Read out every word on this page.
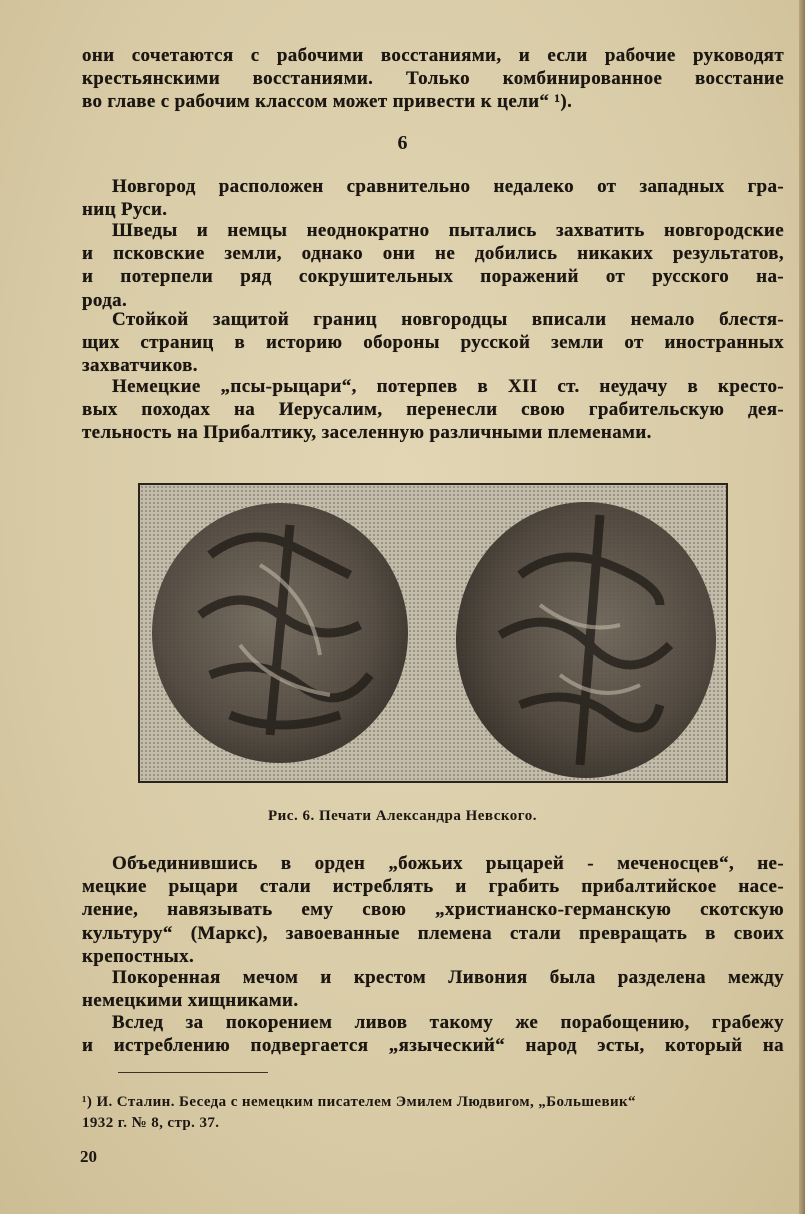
они сочетаются с рабочими восстаниями, и если рабочие руководят
крестьянскими восстаниями. Только комбинированное восстание
во главе с рабочим классом может привести к цели“ ¹).
6
Новгород расположен сравнительно недалеко от западных гра-
ниц Руси.
Шведы и немцы неоднократно пытались захватить новгородские
и псковские земли, однако они не добились никаких результатов,
и потерпели ряд сокрушительных поражений от русского на-
рода.
Стойкой защитой границ новгородцы вписали немало блестя-
щих страниц в историю обороны русской земли от иностранных
захватчиков.
Немецкие „псы-рыцари“, потерпев в XII ст. неудачу в кресто-
вых походах на Иерусалим, перенесли свою грабительскую дея-
тельность на Прибалтику, заселенную различными племенами.
Рис. 6. Печати Александра Невского.
Объединившись в орден „божьих рыцарей - меченосцев“, не-
мецкие рыцари стали истреблять и грабить прибалтийское насе-
ление, навязывать ему свою „христианско-германскую скотскую
культуру“ (Маркс), завоеванные племена стали превращать в своих
крепостных.
Покоренная мечом и крестом Ливония была разделена между
немецкими хищниками.
Вслед за покорением ливов такому же порабощению, грабежу
и истреблению подвергается „языческий“ народ эсты, который на
¹) И. Сталин. Беседа с немецким писателем Эмилем Людвигом, „Большевик“
1932 г. № 8, стр. 37.
20
